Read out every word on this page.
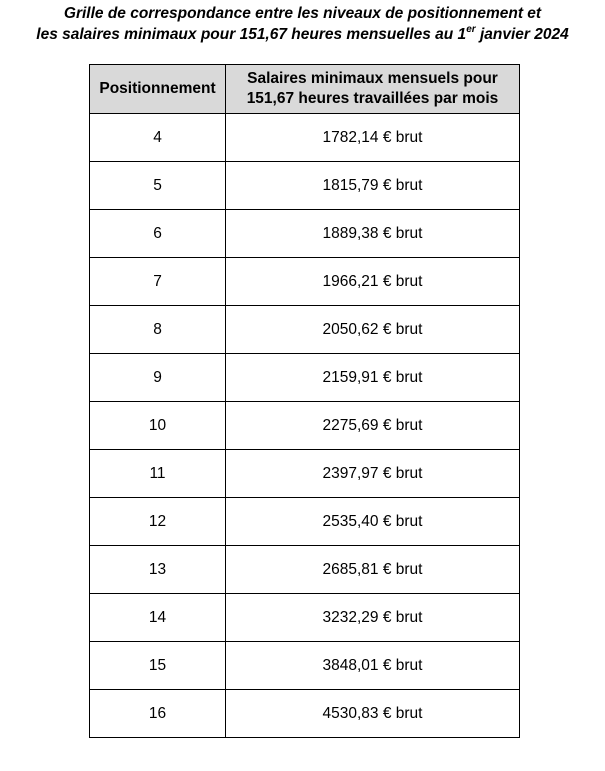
Grille de correspondance entre les niveaux de positionnement et
les salaires minimaux pour 151,67 heures mensuelles au 1er janvier 2024
Positionnement	Salaires minimaux mensuels pour
151,67 heures travaillées par mois

4	1782,14 € brut
5	1815,79 € brut
6	1889,38 € brut
7	1966,21 € brut
8	2050,62 € brut
9	2159,91 € brut
10	2275,69 € brut
11	2397,97 € brut
12	2535,40 € brut
13	2685,81 € brut
14	3232,29 € brut
15	3848,01 € brut
16	4530,83 € brut
